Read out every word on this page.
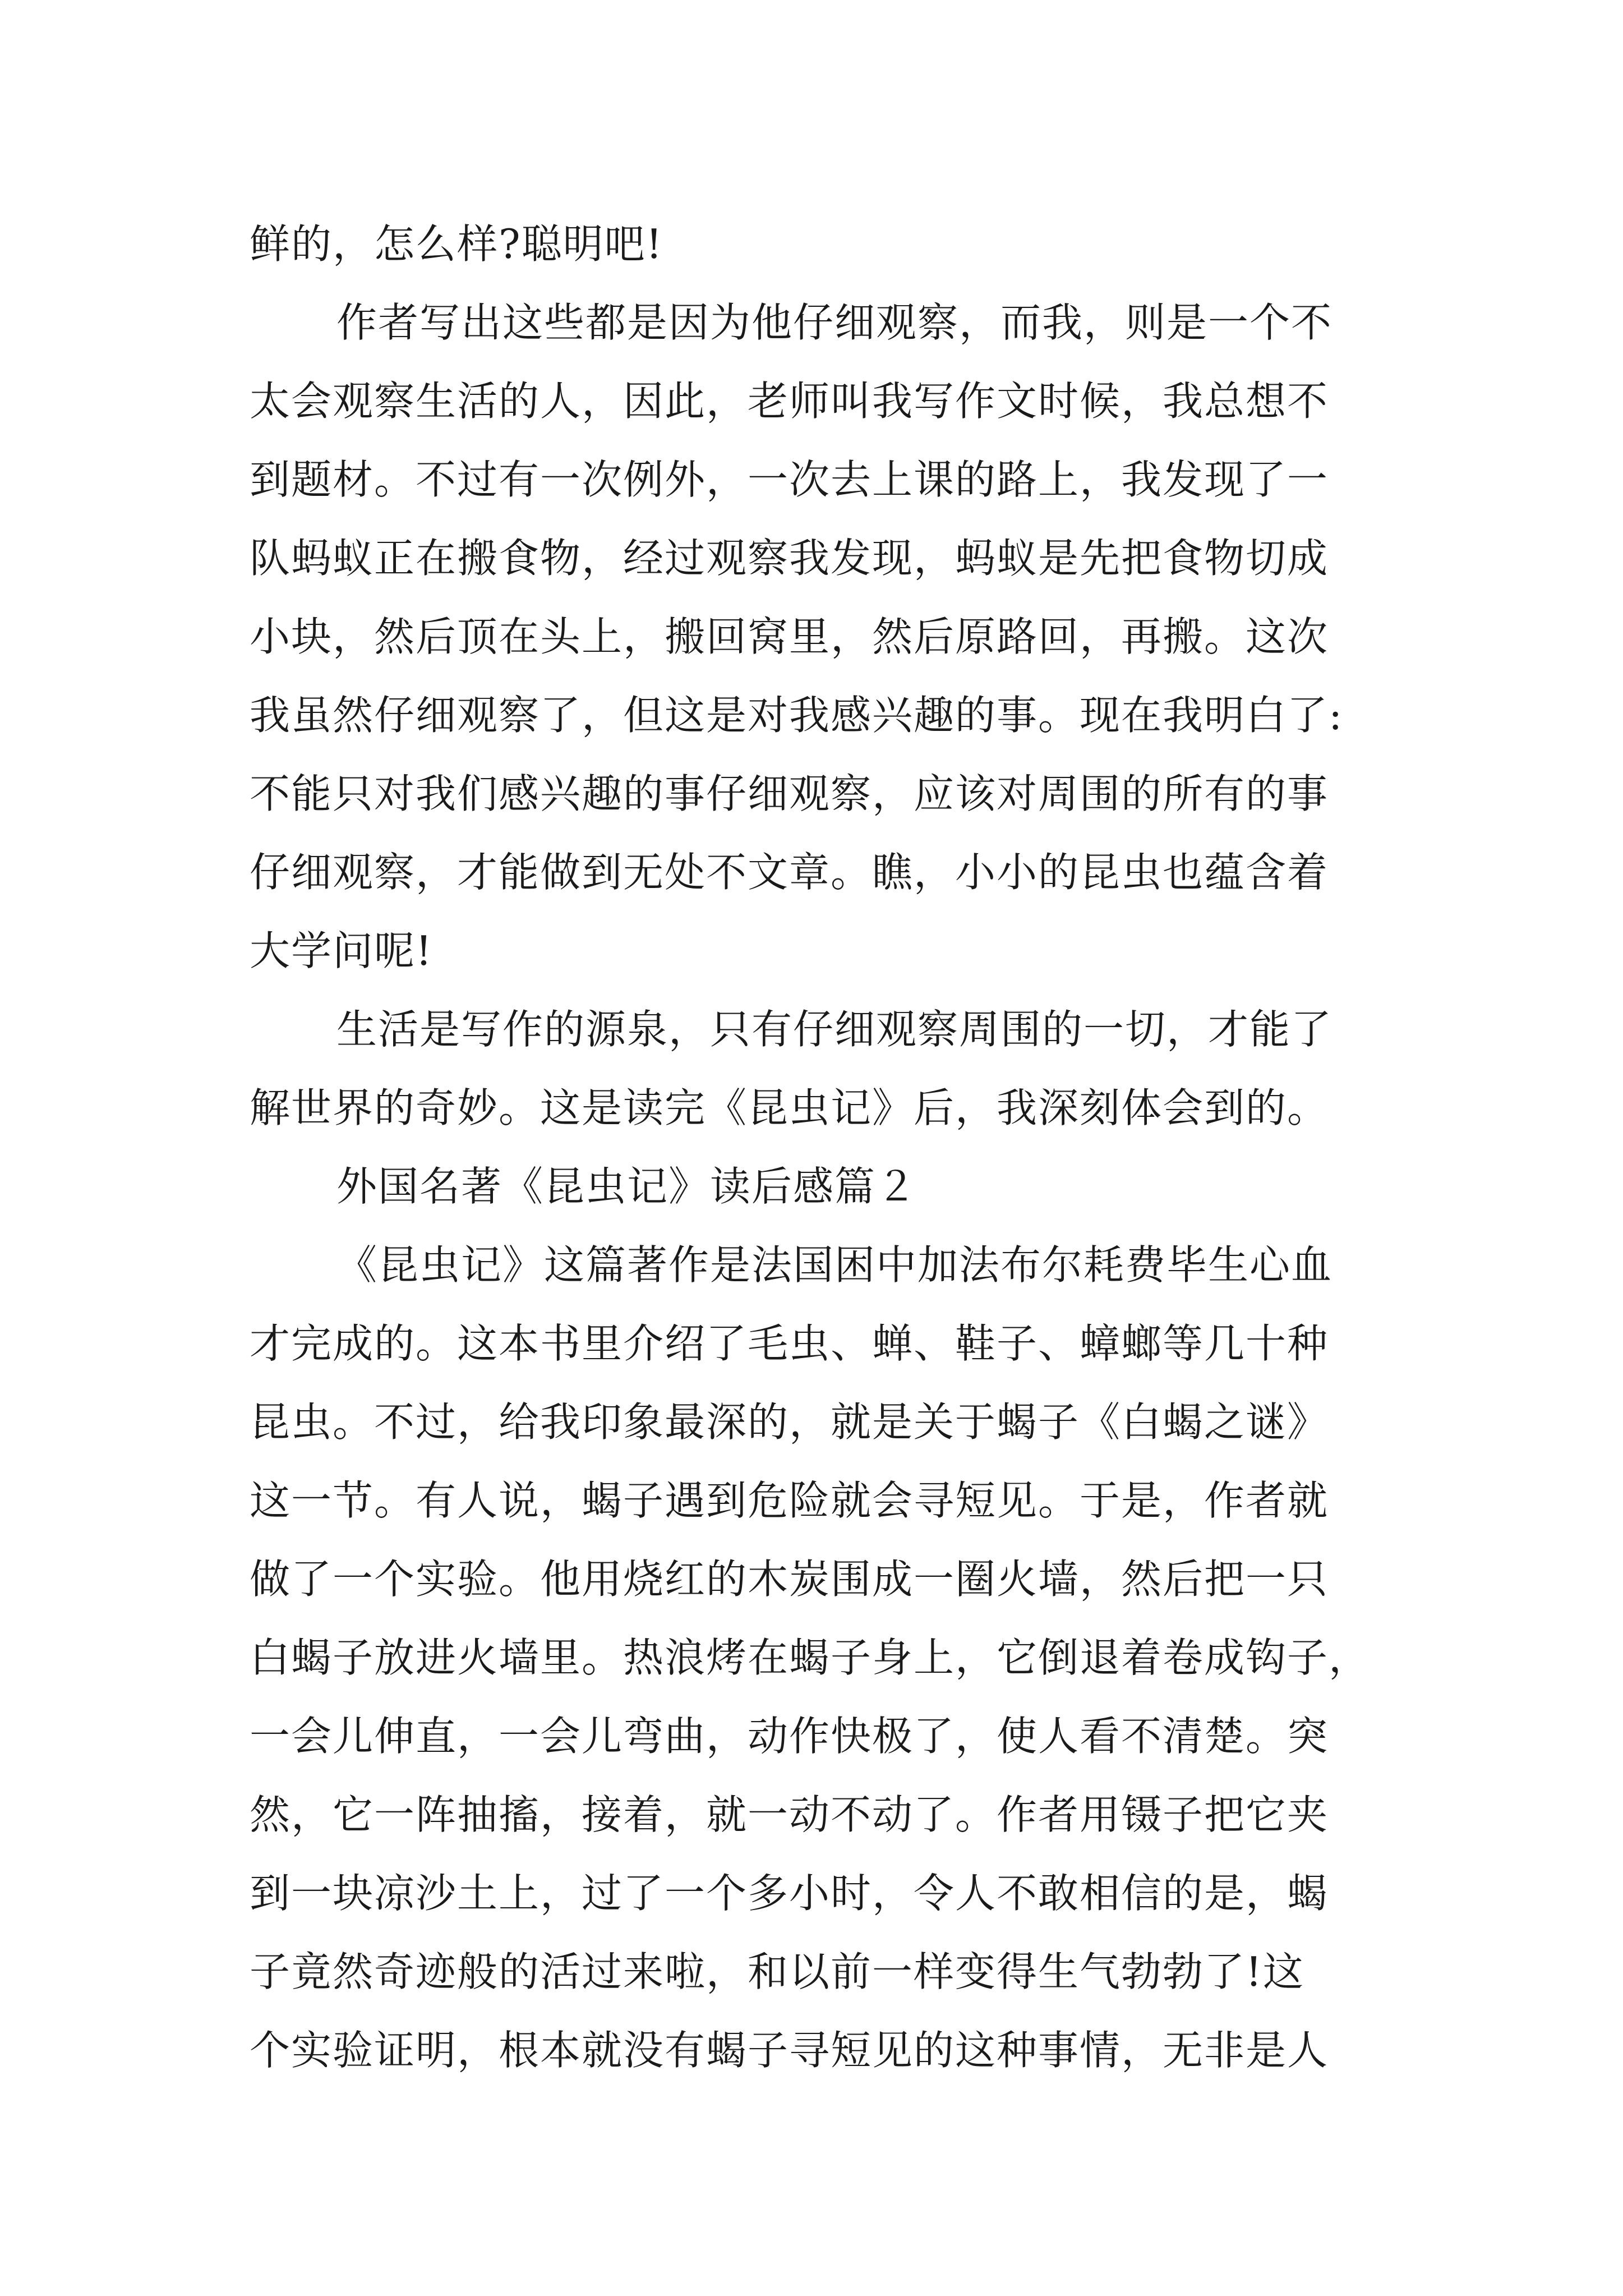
鲜的，怎么样?聪明吧!
作者写出这些都是因为他仔细观察，而我，则是一个不
太会观察生活的人，因此，老师叫我写作文时候，我总想不
到题材。不过有一次例外，一次去上课的路上，我发现了一
队蚂蚁正在搬食物，经过观察我发现，蚂蚁是先把食物切成
小块，然后顶在头上，搬回窝里，然后原路回，再搬。这次
我虽然仔细观察了，但这是对我感兴趣的事。现在我明白了:
不能只对我们感兴趣的事仔细观察，应该对周围的所有的事
仔细观察，才能做到无处不文章。瞧，小小的昆虫也蕴含着
大学问呢!
生活是写作的源泉，只有仔细观察周围的一切，才能了
解世界的奇妙。这是读完《昆虫记》后，我深刻体会到的。
外国名著《昆虫记》读后感篇２
《昆虫记》这篇著作是法国困中加法布尔耗费毕生心血
才完成的。这本书里介绍了毛虫、蝉、鞋子、蟑螂等几十种
昆虫。不过，给我印象最深的，就是关于蝎子《白蝎之谜》
这一节。有人说，蝎子遇到危险就会寻短见。于是，作者就
做了一个实验。他用烧红的木炭围成一圈火墙，然后把一只
白蝎子放进火墙里。热浪烤在蝎子身上，它倒退着卷成钩子，
一会儿伸直，一会儿弯曲，动作快极了，使人看不清楚。突
然，它一阵抽搐，接着，就一动不动了。作者用镊子把它夹
到一块凉沙土上，过了一个多小时，令人不敢相信的是，蝎
子竟然奇迹般的活过来啦，和以前一样变得生气勃勃了!这
个实验证明，根本就没有蝎子寻短见的这种事情，无非是人
